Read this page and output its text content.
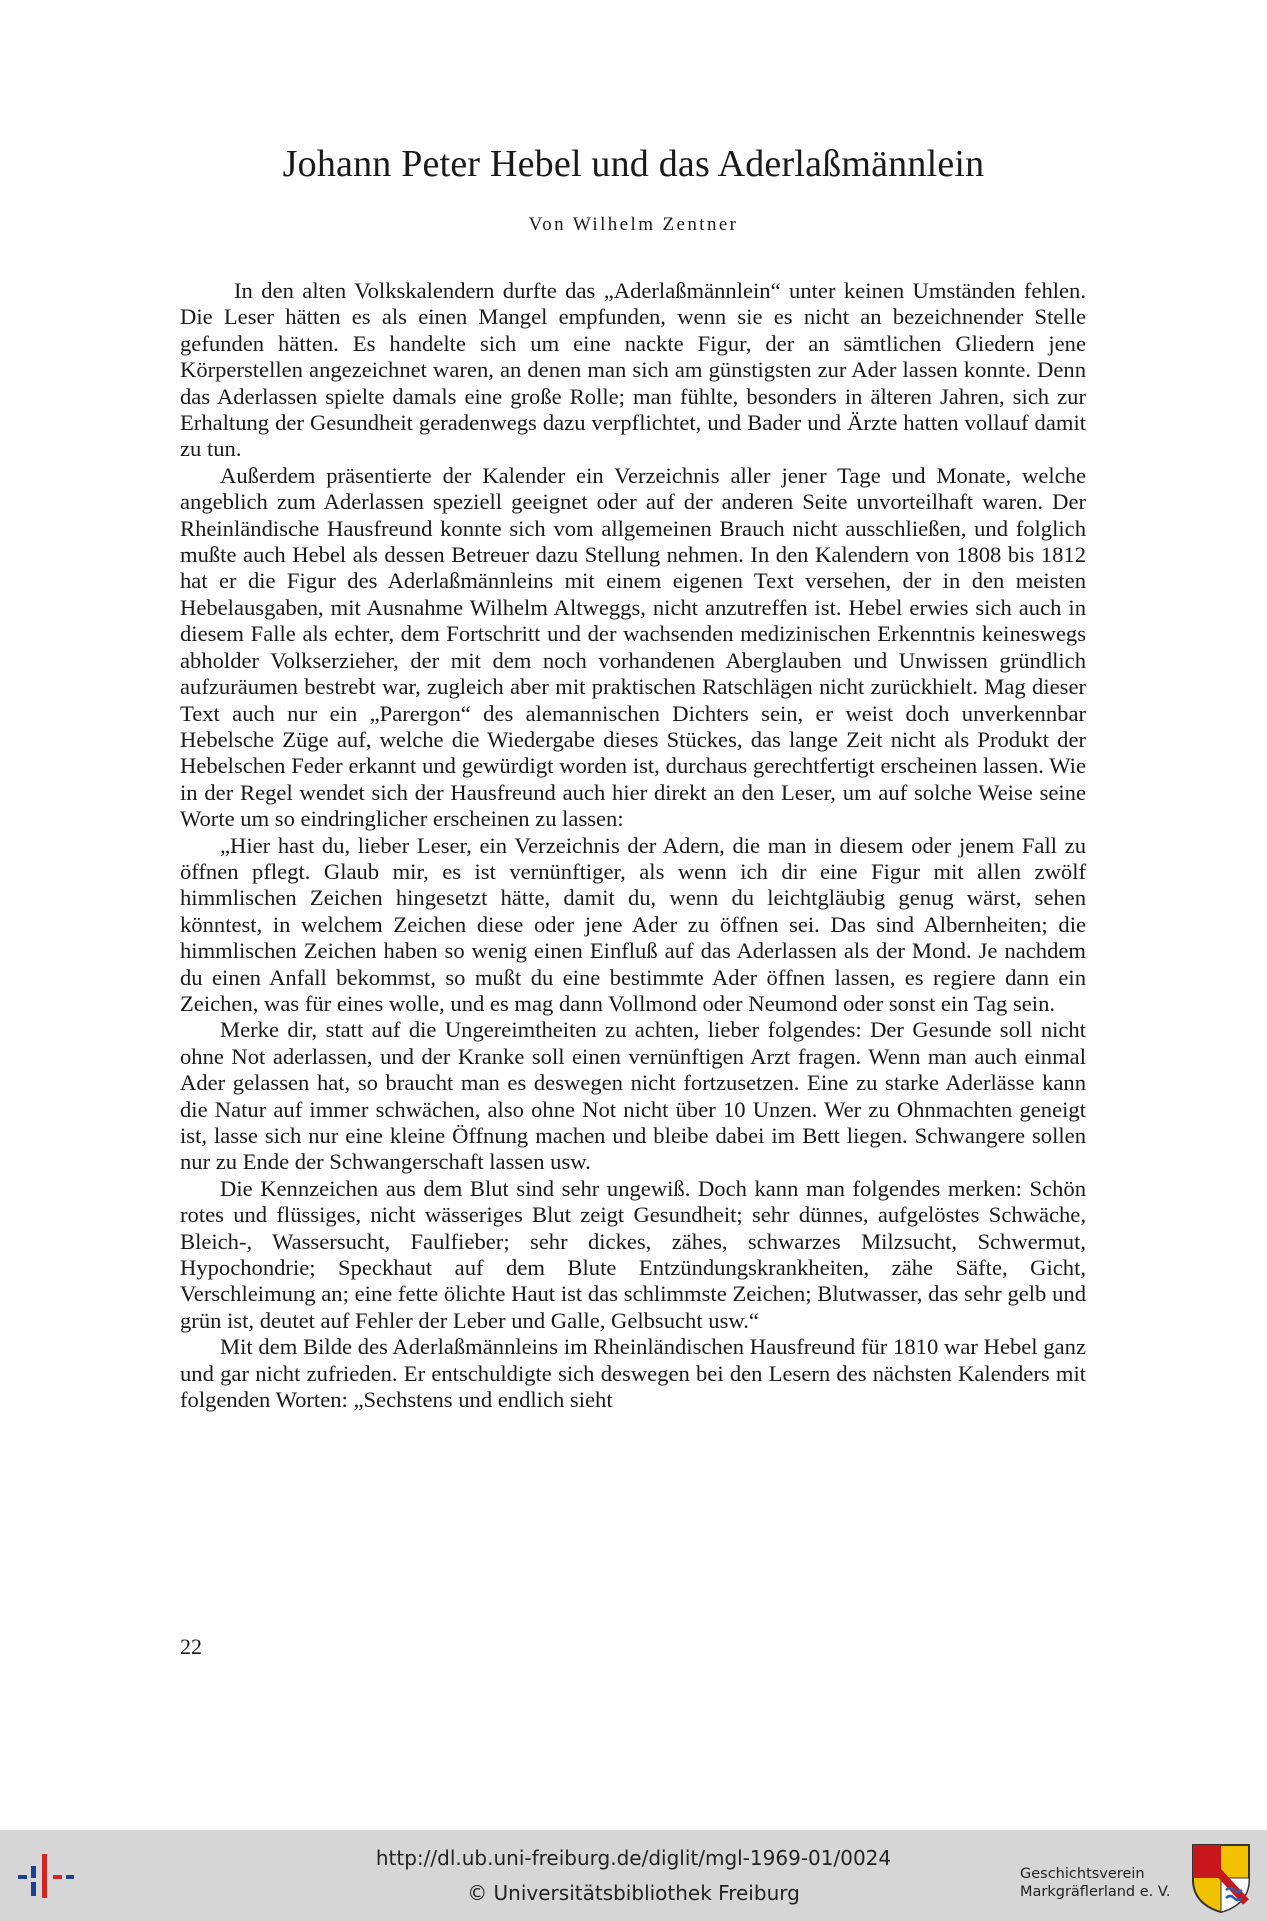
Johann Peter Hebel und das Aderlaßmännlein
Von Wilhelm Zentner

In den alten Volkskalendern durfte das „Aderlaßmännlein“ unter keinen Umständen fehlen. Die Leser hätten es als einen Mangel empfunden, wenn sie es nicht an bezeichnender Stelle gefunden hätten. Es handelte sich um eine nackte Figur, der an sämtlichen Gliedern jene Körperstellen angezeichnet waren, an denen man sich am günstigsten zur Ader lassen konnte. Denn das Aderlassen spielte damals eine große Rolle; man fühlte, besonders in älteren Jahren, sich zur Erhaltung der Gesundheit geradenwegs dazu verpflichtet, und Bader und Ärzte hatten vollauf damit zu tun.

Außerdem präsentierte der Kalender ein Verzeichnis aller jener Tage und Monate, welche angeblich zum Aderlassen speziell geeignet oder auf der anderen Seite unvorteilhaft waren. Der Rheinländische Hausfreund konnte sich vom allgemeinen Brauch nicht ausschließen, und folglich mußte auch Hebel als dessen Betreuer dazu Stellung nehmen. In den Kalendern von 1808 bis 1812 hat er die Figur des Aderlaßmännleins mit einem eigenen Text versehen, der in den meisten Hebelausgaben, mit Ausnahme Wilhelm Altweggs, nicht anzutreffen ist. Hebel erwies sich auch in diesem Falle als echter, dem Fortschritt und der wachsenden medizinischen Erkenntnis keineswegs abholder Volkserzieher, der mit dem noch vorhandenen Aberglauben und Unwissen gründlich aufzuräumen bestrebt war, zugleich aber mit praktischen Ratschlägen nicht zurückhielt. Mag dieser Text auch nur ein „Parergon“ des alemannischen Dichters sein, er weist doch unverkennbar Hebelsche Züge auf, welche die Wiedergabe dieses Stückes, das lange Zeit nicht als Produkt der Hebelschen Feder erkannt und gewürdigt worden ist, durchaus gerechtfertigt erscheinen lassen. Wie in der Regel wendet sich der Hausfreund auch hier direkt an den Leser, um auf solche Weise seine Worte um so eindringlicher erscheinen zu lassen:

„Hier hast du, lieber Leser, ein Verzeichnis der Adern, die man in diesem oder jenem Fall zu öffnen pflegt. Glaub mir, es ist vernünftiger, als wenn ich dir eine Figur mit allen zwölf himmlischen Zeichen hingesetzt hätte, damit du, wenn du leichtgläubig genug wärst, sehen könntest, in welchem Zeichen diese oder jene Ader zu öffnen sei. Das sind Albernheiten; die himmlischen Zeichen haben so wenig einen Einfluß auf das Aderlassen als der Mond. Je nachdem du einen Anfall bekommst, so mußt du eine bestimmte Ader öffnen lassen, es regiere dann ein Zeichen, was für eines wolle, und es mag dann Vollmond oder Neumond oder sonst ein Tag sein.

Merke dir, statt auf die Ungereimtheiten zu achten, lieber folgendes: Der Gesunde soll nicht ohne Not aderlassen, und der Kranke soll einen vernünftigen Arzt fragen. Wenn man auch einmal Ader gelassen hat, so braucht man es deswegen nicht fortzusetzen. Eine zu starke Aderlässe kann die Natur auf immer schwächen, also ohne Not nicht über 10 Unzen. Wer zu Ohnmachten geneigt ist, lasse sich nur eine kleine Öffnung machen und bleibe dabei im Bett liegen. Schwangere sollen nur zu Ende der Schwangerschaft lassen usw.

Die Kennzeichen aus dem Blut sind sehr ungewiß. Doch kann man folgendes merken: Schön rotes und flüssiges, nicht wässeriges Blut zeigt Gesundheit; sehr dünnes, aufgelöstes Schwäche, Bleich-, Wassersucht, Faulfieber; sehr dickes, zähes, schwarzes Milzsucht, Schwermut, Hypochondrie; Speckhaut auf dem Blute Entzündungskrankheiten, zähe Säfte, Gicht, Verschleimung an; eine fette ölichte Haut ist das schlimmste Zeichen; Blutwasser, das sehr gelb und grün ist, deutet auf Fehler der Leber und Galle, Gelbsucht usw.“

Mit dem Bilde des Aderlaßmännleins im Rheinländischen Hausfreund für 1810 war Hebel ganz und gar nicht zufrieden. Er entschuldigte sich deswegen bei den Lesern des nächsten Kalenders mit folgenden Worten: „Sechstens und endlich sieht

22
http://dl.ub.uni-freiburg.de/diglit/mgl-1969-01/0024
© Universitätsbibliothek Freiburg
Geschichtsverein
Markgräflerland e. V.
